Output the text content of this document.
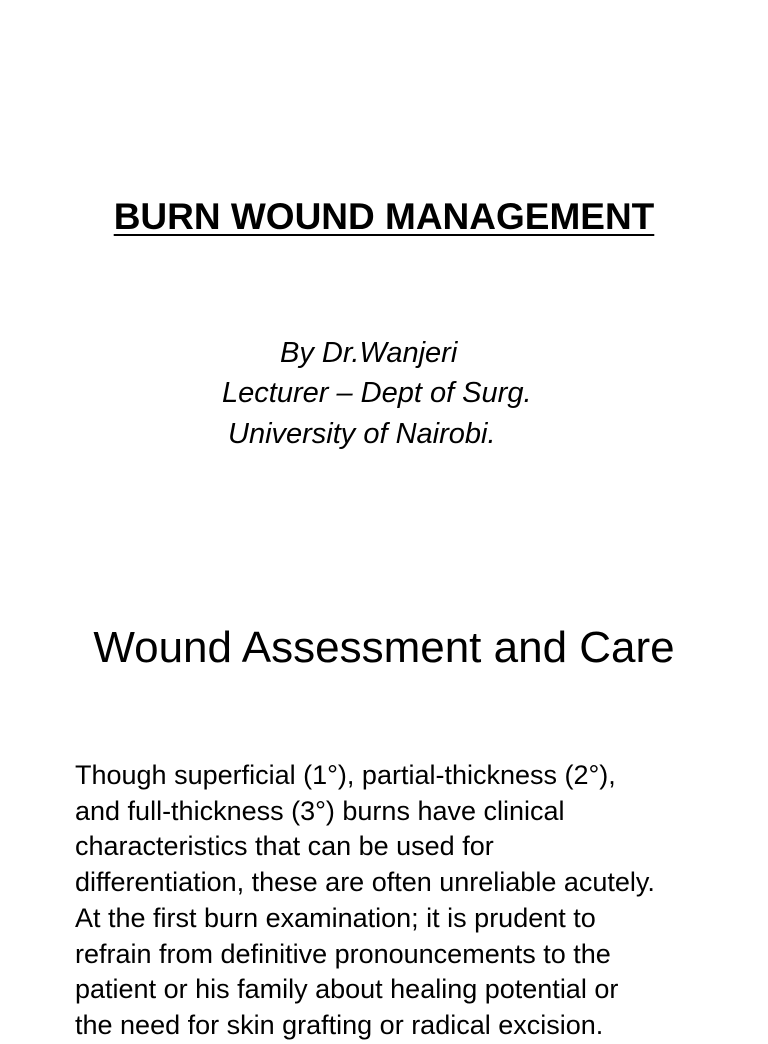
BURN WOUND MANAGEMENT
By Dr.Wanjeri
Lecturer – Dept of Surg.
University of Nairobi.
Wound Assessment and Care

Though superficial (1°), partial-thickness (2°),
and full-thickness (3°) burns have clinical
characteristics that can be used for
differentiation, these are often unreliable acutely.
At the first burn examination; it is prudent to
refrain from definitive pronouncements to the
patient or his family about healing potential or
the need for skin grafting or radical excision.
